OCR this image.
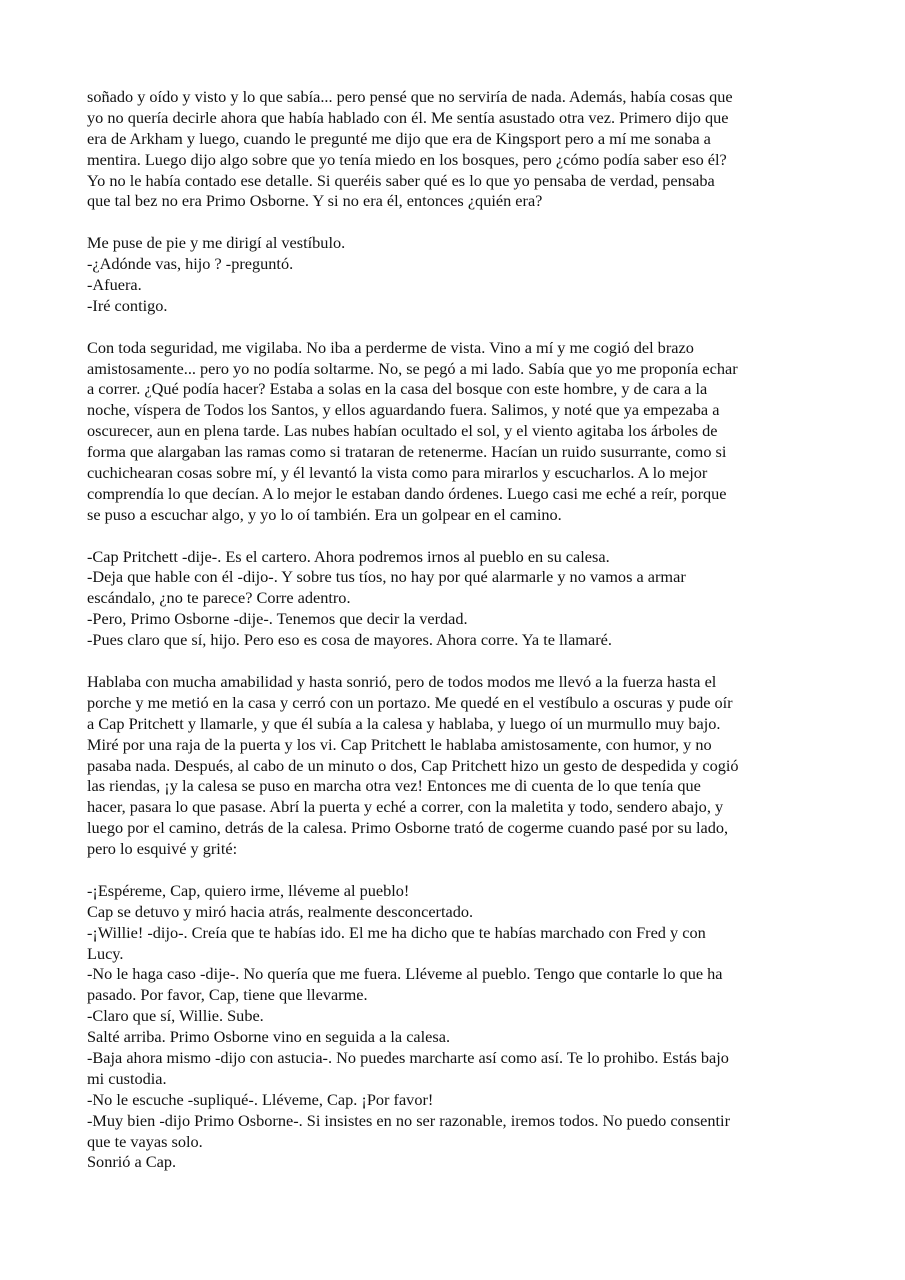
soñado y oído y visto y lo que sabía... pero pensé que no serviría de nada. Además, había cosas que
yo no quería decirle ahora que había hablado con él. Me sentía asustado otra vez. Primero dijo que
era de Arkham y luego, cuando le pregunté me dijo que era de Kingsport pero a mí me sonaba a
mentira. Luego dijo algo sobre que yo tenía miedo en los bosques, pero ¿cómo podía saber eso él?
Yo no le había contado ese detalle. Si queréis saber qué es lo que yo pensaba de verdad, pensaba
que tal bez no era Primo Osborne. Y si no era él, entonces ¿quién era?
Me puse de pie y me dirigí al vestíbulo.
-¿Adónde vas, hijo ? -preguntó.
-Afuera.
-Iré contigo.
Con toda seguridad, me vigilaba. No iba a perderme de vista. Vino a mí y me cogió del brazo
amistosamente... pero yo no podía soltarme. No, se pegó a mi lado. Sabía que yo me proponía echar
a correr. ¿Qué podía hacer? Estaba a solas en la casa del bosque con este hombre, y de cara a la
noche, víspera de Todos los Santos, y ellos aguardando fuera. Salimos, y noté que ya empezaba a
oscurecer, aun en plena tarde. Las nubes habían ocultado el sol, y el viento agitaba los árboles de
forma que alargaban las ramas como si trataran de retenerme. Hacían un ruido susurrante, como si
cuchichearan cosas sobre mí, y él levantó la vista como para mirarlos y escucharlos. A lo mejor
comprendía lo que decían. A lo mejor le estaban dando órdenes. Luego casi me eché a reír, porque
se puso a escuchar algo, y yo lo oí también. Era un golpear en el camino.
-Cap Pritchett -dije-. Es el cartero. Ahora podremos irnos al pueblo en su calesa.
-Deja que hable con él -dijo-. Y sobre tus tíos, no hay por qué alarmarle y no vamos a armar
escándalo, ¿no te parece? Corre adentro.
-Pero, Primo Osborne -dije-. Tenemos que decir la verdad.
-Pues claro que sí, hijo. Pero eso es cosa de mayores. Ahora corre. Ya te llamaré.
Hablaba con mucha amabilidad y hasta sonrió, pero de todos modos me llevó a la fuerza hasta el
porche y me metió en la casa y cerró con un portazo. Me quedé en el vestíbulo a oscuras y pude oír
a Cap Pritchett y llamarle, y que él subía a la calesa y hablaba, y luego oí un murmullo muy bajo.
Miré por una raja de la puerta y los vi. Cap Pritchett le hablaba amistosamente, con humor, y no
pasaba nada. Después, al cabo de un minuto o dos, Cap Pritchett hizo un gesto de despedida y cogió
las riendas, ¡y la calesa se puso en marcha otra vez! Entonces me di cuenta de lo que tenía que
hacer, pasara lo que pasase. Abrí la puerta y eché a correr, con la maletita y todo, sendero abajo, y
luego por el camino, detrás de la calesa. Primo Osborne trató de cogerme cuando pasé por su lado,
pero lo esquivé y grité:
-¡Espéreme, Cap, quiero irme, lléveme al pueblo!
Cap se detuvo y miró hacia atrás, realmente desconcertado.
-¡Willie! -dijo-. Creía que te habías ido. El me ha dicho que te habías marchado con Fred y con
Lucy.
-No le haga caso -dije-. No quería que me fuera. Lléveme al pueblo. Tengo que contarle lo que ha
pasado. Por favor, Cap, tiene que llevarme.
-Claro que sí, Willie. Sube.
Salté arriba. Primo Osborne vino en seguida a la calesa.
-Baja ahora mismo -dijo con astucia-. No puedes marcharte así como así. Te lo prohibo. Estás bajo
mi custodia.
-No le escuche -supliqué-. Lléveme, Cap. ¡Por favor!
-Muy bien -dijo Primo Osborne-. Si insistes en no ser razonable, iremos todos. No puedo consentir
que te vayas solo.
Sonrió a Cap.
